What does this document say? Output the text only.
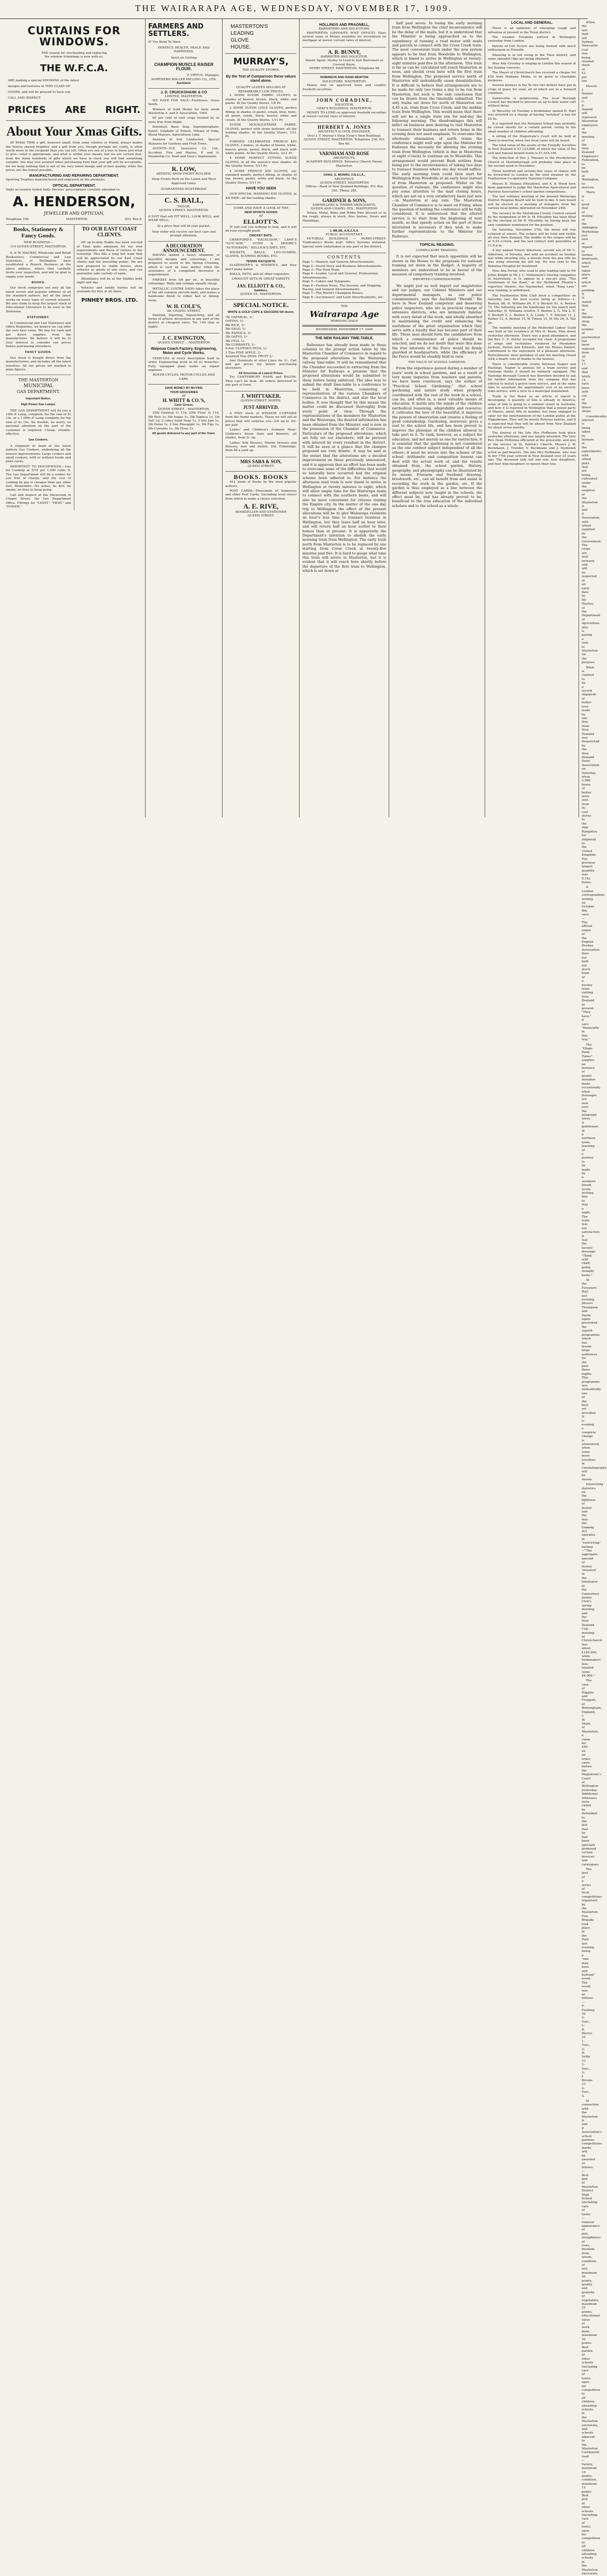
THE WAIRARAPA AGE, WEDNESDAY, NOVEMBER 17, 1909.
CURTAINS FOR WINDOWS.
THE season for overhauling and replacing
the window trimmings is now with us.
THE W.F.C.A.
ARE making a special SHOWING of the latest
designs and textures in THIS CLASS OF
GOODS, and will be pleased to have you
CALL AND INSPECT.
PRICES ARE RIGHT.
About Your Xmas Gifts.
AT XMAS TIME a gift, however small, from some relative or friend, always makes the festive season brighter, and a gift from you, though perhaps not costly, is often worth more to the recipient than you can tell. Often you see at a loss to know just what to give—what is appropriate, and what is within your means, but we are certain that, from the many hundreds of gifts which we have in stock you will find something suitable. You may rest assured when purchasing here that your gift will be acceptable, for we keep nothing that is not of the very latest design and of best quality, while the prices are the lowest possible.
MANUFACTURING AND REPAIRING DEPARTMENT.
Sporting Trophies manufactured and engraved on the premises.
OPTICAL DEPARTMENT.
Sight accurately tested daily. Doctors' prescriptions carefully attended to.
A. HENDERSON,
JEWELLER AND OPTICIAN,
Telephone 106.	MASTERTON.	[P.O. Box 8.
Books, Stationery & Fancy Goods.
NEW BUSINESS—
110 QUEEN-STREET, MASTERTON.
S. & W. MACKAY, Wholesale and Retail Booksellers, Commercial and Law Stationers, of Wellington, have established a Branch Business at the above address, where they cordially invite your inspection, and will be glad to supply your needs.
BOOKS.
Our stock comprises not only all the latest novels and popular editions of all the standard authors, but all the latest works on every topic of current interest. We also claim to keep the largest stock of Educational Literature to be seen in the Dominion.
STATIONERY.
In Commercial and Law Stationery and Office Requisites, we believe we can offer the very best value. We buy for cash and get direct supplies from the manufacturer. We believe it will be to your interest to consider our prices before purchasing elsewhere.
FANCY GOODS.
Our stock is bought direct from the manufacturers, and includes all the latest novelties. All our prices are marked in plain figures.
THE MASTERTON
MUNICIPAL
GAS DEPARTMENT.
Important Notice.
High Power Gas Lamps.
THE GAS DEPARTMENT will fix you a 100c.P. Lamp, complete, for the sum of 2s 10s, or a 1,000c.P. Lamp complete for the sum of 4s 10s. No trouble, no worry, no personal attention on the part of the customer is required. Cheap, reliable, effective.
Gas Cookers.
A shipment to hand of the latest pattern Gas Cookers, embodying all the newest improvements. Large cookers and small cookers, with or without hoods and plate racks.
IMPORTANT TO HOUSEWIVES.—Gas for Cooking at 5/10 per 1,000 cubic ft. The Gas Department will fix a cooker for you free of charge, and the cost of cooking by gas is cheaper than any other fuel. Remember—No ashes, no dirt, no smoke, no fires to keep going.
Call and inspect at the Showroom in Chapel Street, the Gas Department Office. Fittings for "LIGHT," "HEAT," and "POWER."
TO OUR EAST COAST CLIENTS.
AN up-to-date Stable has been erected at Tinui quite adequate for our own requirements and those of visitors to the township. This fills a long felt want that will be appreciated by our East Coast clients and the travelling public. We are now prepared to stable horses, store vehicles or goods of any class, and can guarantee safe custody of same.
Attendance will be at the Stables both night and day.
Vehicles and saddle horses will be available for hire at all times.
PINHEY BROS. LTD.
FARMERS AND
SETTLERS.
IF You Want To Have
PERFECT, HEALTH, PEACE AND HAPPINESS,
Insist on Getting
CHAMPION MUSCLE RAISER FLOUR.
P. VIRTUE, Manager.
NORTHERN ROLLER MILLING CO., LTD.
Auckland.
J. D. CRUICKSHANK & CO
LIMITED, MASTERTON.
WE HAVE FOR SALE—Fertilisers, Grass Seeds.
Winners of Gold Medal for farm seeds Masterton A. and P. Association, 1909.
90 per cent of root crops treated by us were true from blight.
Bonedust, Basic Slag, Superphosphate, Kainit, Sulphate of Potash, Nitrate of Soda, Blood Manure, Agricultural Lime.
Analysis of Soil Conducted. Special Manures for Gardens and Fruit Trees.
AGENTS—N.Z. Insurance Co. Ltd., Accident, Fire and Marine. P. and O. Steamship Co. Seed and Grey's Implements.
R. LOW,
ARTISTIC SHOP FRONT BUILDER.
Shop Fronts Built on the Latest and Most Approved Lines.
GUARANTEED DUST-PROOF.
C. S. BALL,
TAILOR,
QUEEN STREET, MASTERTON.
A SUIT that will FIT WELL, LOOK WELL, and WEAR WELL,
At a price that will fit your pocket.
Your order will receive our best care and prompt attention.
A DECORATION ANNOUNCEMENT.
HAVING landed a heavy shipment of beautiful designs and colourings, I am prepared to assist in the Spring Cleaning, which is such an easy matter when the assistance of a competent decorator is requisitioned.
FRIEZES from 5/6 per yd., in beautiful colourings. Walls and ceilings equally cheap.
METALLIC LUSTRE DADO takes the place of the old common oilcloth dado, and makes a handsome finish to either hall or dining-room.
W. H. COLE'S,
28, CHAPEL STREET.
Painting, Papering, Signwriting, and all forms of artistic decoration in any part of the district at cheapest rates. Tel. 149 (day or night).
J. C. EWINGTON,
QUEEN STREET . . MASTERTON
Waipoua Coach Factory, Engineering, Motor and Cycle Works.
VEHICLES of every description built to order. Engineering work in all its branches. Fully equipped plant under an expert engineer.
ROVER CYCLES, MOTOR CYCLES AND CARS.
SAVE MONEY BY BUYING
YOUR GROCERIES
AT
H. WHITT & CO.'S,
Cash Grocer,
QUEEN STREET, - MASTERTON.
25lb Oatmeal 1s 11d, 25lb Flour 3s 11d, 5lb Rice 1s, 5lb Sugar 1s, 5lb Tapioca 1s, 1lb Salt 1d, 2 cakes Sand Soap 1s, 3 tins Jam 1s, 2lb Dates 1s, 2 tins Pineapple 1s, 3lb Figs 1s, 5lb Currants 1s, 3lb Flour 1s.
All goods delivered to any part of the Town.
MASTERTON'S
LEADING
GLOVE
HOUSE.
MURRAY'S,
THE QUALITY STORES.
By the Test of Comparison these values stand alone.
QUALITY GLOVES SELLING AT REMARKABLY LOW PRICES.
2 DOME SUEDE FABRIC GLOVES, in shades of beaver, brown, black, white and pastel. At the Quality Stores, 1/6 Pr.
2 DOME SUEDE LISLE GLOVES, perfect fitting, in shades of pastel, cream, blue, helio, all green, suede, black, beaver, white and cream. At the Quality Stores, 1/11 Pr.
SUEDE MOUSQUETAIRE FABRIC GLOVES, perfect with dome fastener, all the leading shades. At the Quality Stores, 1/11 Pr.
FOWNES' CELEBRATED FRENCH KID GLOVES, 2 domes, in shades of brown, white, beaver, green, pastel, black, and black with white points. At the Quality Stores, 3/11 Pr.
4 DOME PERFECT FITTING SUEDE GLOVES, in all the season's new shades. At the Quality Stores, 5/11 Pr.
4 DOME FRENCH KID GLOVES, our standard quality, perfect fitting, in shades of tan, brown, pastel, white and black. At the Quality Stores, 5/11 Pr.
HAVE YOU SEEN
OUR SPECIAL WASHING KID GLOVES, at 4/6 PAIR—all the leading shades.
COME AND HAVE A LOOK AT THE
NEW SPORTS GOODS
AT
ELLIOTT'S.
IT will cost you nothing to look, and it will do your eyesight good.
CRICKET BATS.
CRAWFORD'S "EXCELSIOR," LANE'S "GUV'-SOR," GUNN & MOORE'S "AUTOGRAPH," KELLICK'S BATS, ETC.
WICKETS, BALLS, LEG-GUARDS, GLOVES, SCORING BOOKS, ETC.
TENNIS RACQUETS.
SLAZENGER'S & WISDEN'S, and they don't make better.
BALLS, NETS, and all other requisites.
CROQUET SETS IN GREAT VARIETY.
JAS. ELLIOTT & CO.,
Saddlers,
QUEEN ST., MASTERTON.
SPECIAL NOTICE.
WHITE & GOLD CUPS & SAUCERS 5/6 dozen.
7lb OATMEAL, 1/-
OATINA, 1/-
8lb RICE, 1/-
5lb SAGO, 1/-
5lb TAPIOCA, 1/-
3lb DATES, 1/-
3lb FIGS, 1/-
5lb CURRANTS, 1/-
8 doz. CLOTHES PEGS, 1/-
2 Tins PINE APPLE, 1/-
Assorted Tins DESS. FRUIT 1/-
And Hundreds of other Lines for 1/-. Call and get prices list before purchasing elsewhere.
All Groceries at Lowest Prices.
Try CANTERBURY HAMS and BACON. They can't be beat. All orders delivered to any part of town.
J. WHITTAKER.
QUEEN-STREET, NORTH.
JUST ARRIVED.
A FINE stock of WINDOW CURTAINS from the Home markets. These we will sell at prices that will surprise you—2/6 up to 30/- per pair.
Ladies' and Children's Summer Wear; Children's Straw Hats and Bonnets, all shades, from 2/- up.
Ladies' Silk Blouses, Muslin Dresses and Blouses, new and stylish. Hat Trimmings, from 6d a yard up.
MRS SABA & SON,
QUEEN STREET.
BOOKS. BOOKS
ALL kinds of Books by the most popular authors.
POST CARDS—Thousands of humorous and other Post Cards, (including local views) from which to make a choice selection.
A. E. RIVE,
BOOKSELLER AND STATIONER
QUEEN STREET.
HOLLINGS AND PRAGNELL,
BARRISTERS AND SOLICITORS.
MASTERTON (OPPOSITE POST OFFICE). Have several sums of Money available for investment on mortgage at lowest current rates of interest.
A. R. BUNNY,
BARRISTER AND SOLICITOR.
Patent Agent. Money to Lend to Suit Borrowers at Current Rates.
PERRY STREET, MASTERTON. Telephone 68
ROBINSON AND HAND-NEWTON
SOLICITORS, MASTERTON.
Money lent on approved town and country freehold securities.
JOHN CORADINE,
SOLICITOR,
GRAY'S BUILDINGS, MASTERTON.
MONEY TO LEND on approved freehold securities at lowest current rates of interest.
HERBERT A. JONES
ARCHITECT & CIVIL-ENGINEER.
Over J. T. Murray's Shop (Gray's New Building). QUEEN STREET, MASTERTON. Telephone 336. P.O. Box 60.
VARNHAM AND ROSE
ARCHITECTS,
ACADEMY BUILDINGS, Entrance Church Street, Masterton.
CHAS. G. MONRO, F.N.Z.I.A.,
ARCHITECT,
QUEEN-STREET, MASTERTON
Offices—Bank of New Zealand Buildings. P.O. Box 106. 'Phone 285.
GARDNER & SONS,
SAWMILLERS & TIMBER MERCHANTS,
QUEEN AND CHAPEL STS., MASTERTON.
Totara, Matai, Rimu and White Pine dressed or in the rough, always in stock. Also Sashes, Doors and Mouldings.
J. MILNE, A.N.Z.A.A.
PUBLIC ACCOUNTANT.
FA'TORIAL BUILDINGS — PERRY-STREET. Tradesmen's Books kept. Office Systems installed. Special work undertaken in any part of the district.
CONTENTS
Page 1—Wanted, and General Advertisements.
Page 2—Social Story and Business Advertisements.
Page 3—The Next Train.
Page 4—Leader, Local and General, Professional Advertisements.
Page 5—Cables and Telegrams.
Page 6—Fashion News, The Session, and Shipping, Racing, and General Advertisements.
Page 7—The World's Champion Boxers.
Page 8—Auctioneers' and Land Advertisements, etc.
THE
Wairarapa Age
MORNING DAILY
WEDNESDAY, NOVEMBER 17, 1909
THE NEW RAILWAY TIME-TABLE.
Reference has already been made in these columns to the prompt action taken by the Masterton Chamber of Commerce in regard to the proposed alterations in the Wairarapa railway time-table. It will be remembered that the Chamber succeeded in extracting from the Minister for Railways a promise that the proposed alterations would be submitted to them before being enforced. The idea was to submit the draft time-table to a conference to be held in Masterton, consisting of representatives of the various Chambers of Commerce in the district, and also the local bodies. It was thought that by this means the matter could be discussed thoroughly from every point of view. Through the representations of the members for Masterton and the Wairarapa, the desired information has been obtained from the Minister, and is now in the possession of the Chamber of Commerce. Particulars of the proposed alterations, which are fully set out elsewhere, will be perused with interest by every resident in the district. It will be seen at a glance that the changes proposed are very drastic. It may be said at the outset that the alterations are a decided improvement on those previously announced, and it is apparent that an effort has been made to overcome some of the difficulties that would so naturally have occurred had the original scheme been adhered to. For instance the afternoon mail train is now timed to arrive in Wellington at twenty minutes to eight, which will allow ample time for the Wairarapa mails to connect with the southern boats, and will also be more convenient for citizens visiting the Empire city. In the matter of the one day trip to Wellington the effect of the present alterations will be to give Wairarapa residents an hour's less time to transact business in Wellington, but they leave half an hour later, and will return half an hour earlier to their homes than at present. It is apparently the Department's intention to abolish the early morning train from Wellington. The early train north from Masterton is to be replaced by one starting from Cross Creek at twenty-five minutes past five. It is hard to gauge what time this train will arrive in Masterton, but it is evident that it will reach here shortly before the departure of the first train to Wellington, which is set down at
half past seven. In losing the early morning train from Wellington the chief inconvenience will be the delay of the mails, but it is understood that the Minister is being approached as to the expediency of running a road motor with mails and parcels to connect with the Cross Creek train. The most convenient train under the new system appears to be that from Woodville to Wellington, which is timed to arrive in Wellington at twenty-eight minutes past five in the afternoon. This train is far as can be calculated will reach Masterton at noon, and should cross here with the first train from Wellington. The proposed service north of Masterton will undoubtedly cause dissatisfaction. It is difficult to believe that arrangements are to be made for only two trains a day to be run from Masterton, but such is the only conclusion that can be drawn from the timetable submitted. The only trains set down for north of Masterton are 4.45 a.m. train from Cross Creek, and the midday train from Wellington. This would mean that there will not be a single train run for mid-day the following morning. The disadvantages this will inflict on business men desiring to visit Masterton to transact their business and return home in the evening does not need emphasis. To overcome this wholesale elimination of north trains the conference might well urge upon the Minister for Railways the necessity for allowing the evening train from Wellington (which is due in Masterton at eight o'clock) to continue on to Woodville. This arrangement would prevent Bush settlers from being put to the inconvenience of taking two days to transact business where one day would suffice. The early morning train could then start for Wellington from Woodville at an early hour instead of from Masterton as proposed. Whilst on the question of railways, the conference might also pay some attention to the mail closing hours, which are not on a very satisfactory basis just now—in Masterton at any rate. The Masterton Chamber of Commerce is to meet on Friday, when the question of holding the conference will be fully considered. It is understood that the altered service is to start from the beginning of next month, so that speedy action on the part of those interested is necessary if they wish to make further representations to the Minister for Railways.
TOPICAL READING.
COMPULSORY TRAINING.
It is not expected that much opposition will be shown in the House to the proposals for national training set down in the Budget. A majority of members are understood to be in favour of the measure of compulsory training involved.
IMPORTED COMMISSIONERS.
We might just as well import our magistrates and our judges, our Cabinet Ministers and our departmental managers, as our police commissioners, says the Auckland "Herald." We have in New Zealand competent and deserving police inspectors, who are in practical charge of extensive districts, who are intimately familiar with every detail of the work, and wholly absorbed in maintaining the credit and enhancing the usefulness of the great organisation which they serve with a loyalty that has become part of their life. These men should form the candidature from which a commissioner of police should be selected, and we do not doubt that were this done the true interests of the Force would be firmly guarded at headquarters, while the efficiency of the Force would be steadily held in view.
THE VALUE OF SCHOOL GARDENS.
From the experience gained during a number of years' work in school gardens, and as a result of very many inquiries from teachers and parents, we have been convinced, says the author of "Practical School Gardening," that school gardening and nature study when properly coordinated with the rest of the work in a school, can be, and often is, a most valuable means of education. It instils into the minds of the children methodical reasoning, adaptability and resource; it cultivates the love of the beautiful; it improves the powers of observation and creates a feeling of good comradeship. Gardening, moreover, gives a zest to the school life, and has been proved to improve the physique of the children allowed to take part in it. To rank, however, as a subject for education, and not merely as one for instruction, it is essential that the gardening is not considered as the one outdoor subject independent of all the others—it must be woven into the scheme of the school. Arithmetic and composition lessons can deal with the actual work of, and the results obtained from, the school garden. History, geography, and physiography can be illustrated by its means. Freearm and freehand drawing, brushwork, etc., can all benefit from and assist in recording the work in the garden, etc. If the garden is thus employed as a line between the different subjects now taught in the schools, the effect must be, and has already proved to be, beneficial to the true education of the individual scholars and to the school as a whole.
LOCAL AND GENERAL.
There is an epidemic of whooping cough and influenza at present in the Tenui district.
The steamer Turakina arrived in Wellington yesterday from London.
Patrols of Girl Scouts are being formed with much enthusiasm in Dunedin.
Shearing is in full swing in the Tinui district, and some splendid clips are being obtained.
Miss Ada Crossley is singing in London this season at the Sunday concerts.
The Mayor of Christchurch has received a cheque for £50 from Madame Melba, to be given to charitable purposes.
Several farmers in the Te Ore Ore district have put in crops of grass for seed, all of which are in a forward condition.
Dannevirke is progressing. The local Borough Council has decided to procure an up-to-date water cart without delay.
At Waverley on Tuesday a bookmaker named H. Hart was arrested on a charge of having "welshed" a boy for £5 5s.
It is reported that the Matahiwi School may probably be closed shortly for a certain period, owing to the small number of children attending.
A sitting of the Magistrate's Court will be held at Tenui to-morrow, when two local cases will be heard.
The total value of the assets of the Friendly Societies in New Zealand is £1,123,886, of which the value of the sick and funeral benefit funds is £1,034,196.
The induction of Rev. J. Tennant to the Presbyterian Church at Martinborough will probably take place in the second week in December.
Three hundred and seventy-five cases of cheese will be forwarded to London by the next steamer by the Featherston Co-operative Dairying Company.
Messrs H. Holmes (Matahiwi), and A. B. Wood have been appointed to judge the Masterton Agricultural and Pastoral Association's school garden competitions.
The last ordinary meeting of the present Wairarapa District Hospital Board will be held to-day. A new board will be elected at a meeting of delegates from the various local bodies interested on November 24th.
The vacancy in the Eketahuna County Council caused by the resignation of Mr D. M. Pitcaithly has been filled by the election of Mr R. Pilcaithly, he having been the only candidate nominated for the position.
On Saturday, November 27th, the moon will rise eclipsed at sunset. The eclipse will be total and visible all over New Zealand. The middle of the eclipse will be at 8.25 o'clock, and the last contact with penumbra at 11.8 p.m.
A boy named Ernest Albertsen, second son of Mr C. Albertsen, of Nireaha, met with an accident on Sunday last while shooting rats, a missile from the pea rifle he was using entering his left leg. He was sent to the Pahiatua Hospital for treatment.
Miss Ada Ferrar, who used to play leading lady to Mr Julius Knight in Mr J. C. Williamson's touring companies in Australasia, is to appear in a one-act play, "The Gentleman of the Road," at the Richmond Theatre's repertory theatre, the Haymarket, when "King Lear," now running, is withdrawn.
The Featherston Rifle Club fired a competition on Saturday last, the best scores being as follows:—L. Benton, 88, H. Williams 84, F. V. Beckett 81, A. Benton 74. The following are the handicaps for the match next Saturday: H. Williams scratch, T. Benton 2, G. Nix 2, R. V. Beckett 5, L. Benton 5, A. Lundy 7, T. Sinclair 11, J. Parker 12, A. Benton 15, W. Tinney 15, W. Nix 20, A. Tait 20.
The monthly meeting of the Methodist Ladies' Guild was held at the residence of Mrs H. Beale, Pine street yesterday afternoon. There was a good attendance, and the Rev. C. E. Porter occupied the chair. A programme of songs and recitations rendered by Mesdames Jackson, Parton and Edwards, and the Misses Daniell, contributed to the enjoyment of a pleasant afternoon. Refreshments were partaken of and the meeting closed with a hearty vote of thanks to the hostess.
There is considerable rivalry between Napier and Hastings. Napier is anxious for a tram service and Hastings thinks it should be similarly equipped. The Hastings Borough Council has therefore decided to ask for further information from the company that has offered to install a petrol tram service, and at the same time to ascertain the approximate cost of an electric tram service, with a view to a municipal installation.
Trade in the Boast as an article of export is developing. A quantity of him is already in America, some of him is going to a summer resort in Australia, and now it is reported in Wellington that a mixed party of Maoris, about fifty in number, has been engaged to cater for the entertainment of the London public at the Hippodrome. They will be mostly Rotorua natives, and it is expected that they will be absent from New Zealand for about seven months.
The funeral of the late Mrs Hoffmann took place yesterday afternoon, and was largely attended. The Very Rev. Dean McKenna officiated at the graveside, and also at the service in St. Patrick's Church. Messrs J. W. Beckmann, J. Trender, V. Beckmann and J. Siemonek acted as pall-bearers. The late Mrs Hoffmann, who was in her 77th year, arrived in New Zealand over 25 years ago. The deceased lady left one son, four daughters, and four step-daughters to mourn their loss.
When the last mail left Sydney, Newcastle coal was being retailed there at £3 per ton.
Messrs J. Hunter and C. E. Daniell will represent Masterton employers at the meeting of the New Zealand Employers' Federation, to be held at Wellington, to-morrow.
There is a good deal of feeling at the Addington Workshops just now in regard to further dismissals, which have taken place, and which are pending. It is stated that, in the Smiths' shop, the number of journeymen has been reduced from 45 to 17, and that lately, 14 have been sent out of the fitters' shops.
Considerable interest is being taken by farmers in the experiments, with wheat plots that are being cultivated under the auspices of the Masterton A. and P. Association, with wheat supplied by the Government. The crops are well forward, and will be inspected at an early date by Mr Haylies, of the Department of Agriculture, who is paying a visit to Masterton for the purpose.
What is claimed to be a record shipment of butter ever made by one firm from New Zealand was despatched by the New Zealand Dairy Association on Saturday, when 5,986 boxes of butter were sent from its cool stores to the ship Rangatira for shipment to the United Kingdom. The previous largest quantity was 5,142 boxes.
A London correspondent, writing on October 8th, says:—The official organ of the English Hockey Association does not hold out much hope of a hockey team visiting New Zealand at present. "They have," it says, "financially in this way."
The "Otago Daily Times" supplies an instance of quaint mistakes made occasionally when messages are sent over the telegraph wires. A gentleman in a northern town, learning of a journey to be made by a southern friend, wrote inviting him to stay a night. The reply was not satisfactory. It was the laconic message: "Think sold chaff; going straight home."
At the Foresters' Hall last evening, Messrs Thompson and Payne again presented the superb programme which has drawn large audiences for the past three nights. This programme was undoubtedly one of the best yet provided. It is evening a complete change is announced, when some more novelties in cinematography will be shown.
Interesting statistics on the lightness of money and the way the Gaming Act operates in "restricting" betting—"The aggregate amount of money 'invested' in the totalisator at the Canterbury Jockey Club's spring meeting and the New Zealand Cup meeting at Christchurch was about £185,000, while bookmakers' fees totalled some £6,000."
The case of Higgins and Froggatt, of Birmingham, England, v. W. Shaw, of Masterton, a claim for £90 on an order, came before the Magistrate's Court at Wellington yesterday. Additional witnesses were called by defendant to the fact that he had been specially promised certain invoices and catalogues.
The first of a series of local competitions organised by the Masterton Fire Brigade took place in the Park last evening, being a "one man hose and hydrant" event. The result was as follows:—F. Fielding 30 2-5sec., 1; R. Morris 32 1-5sec., 2; H. Selby 33 3-5sec., 3; J. Brooks 33 4-5sec., 4.
In connection with the Masterton A. and P. Association's school gardens competitions marks will be awarded as follows:—Best plot at Masterton District High School (including care of tools)—General appearance of plot, straightness of rows, freedom from weeds, condition of soil, maximum 30 points; quality and quantity of vegetables, maximum 35 points; educational value of work done, maximum 30 points. Best garden at other schools (including care of tools), open for competition to all children attending schools in the Masterton electorate, and schools adjacent to the Masterton Castlepoint road—Variety, maximum 10 points; condition, maximum 15 points. Best plot at other schools (including care of tools), open for competition to all children attending schools in the Masterton electorate.
